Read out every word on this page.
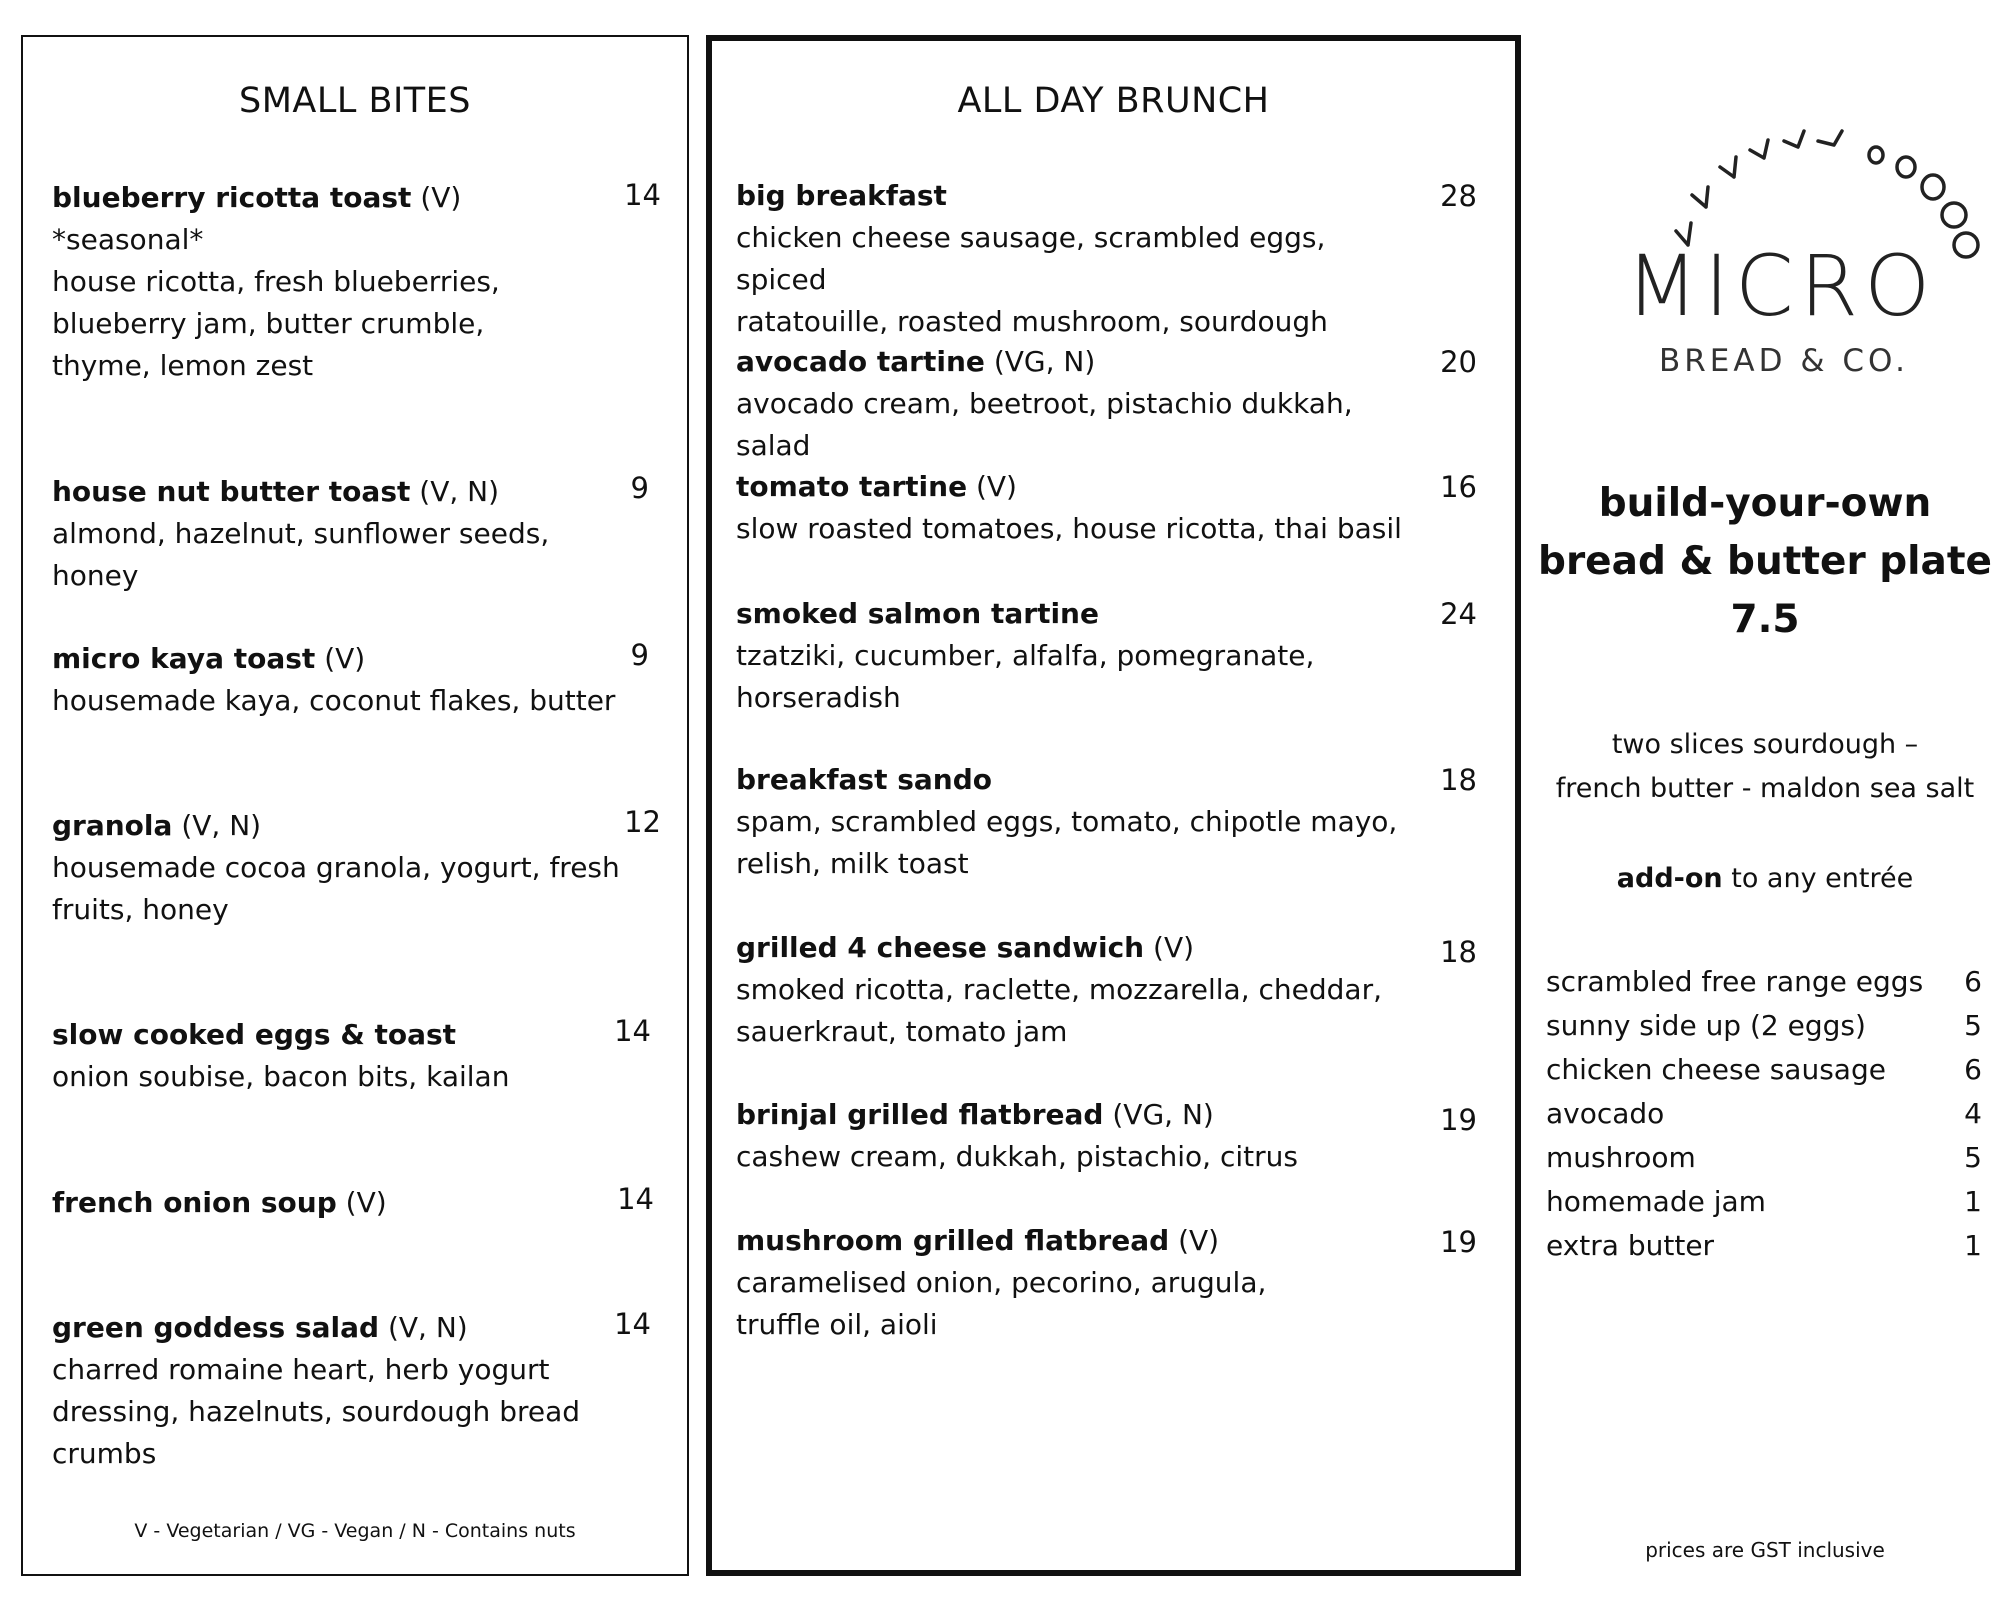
SMALL BITES
blueberry ricotta toast (V)
*seasonal*
house ricotta, fresh blueberries,
blueberry jam, butter crumble,
thyme, lemon zest
14
house nut butter toast (V, N)
almond, hazelnut, sunflower seeds, honey
9
micro kaya toast (V)
housemade kaya, coconut flakes, butter
9
granola (V, N)
housemade cocoa granola, yogurt, fresh
fruits, honey
12
slow cooked eggs & toast
onion soubise, bacon bits, kailan
14
french onion soup (V)	14
green goddess salad (V, N)
charred romaine heart, herb yogurt
dressing, hazelnuts, sourdough bread
crumbs
14
V - Vegetarian / VG - Vegan / N - Contains nuts
ALL DAY BRUNCH
big breakfast
chicken cheese sausage, scrambled eggs, spiced
ratatouille, roasted mushroom, sourdough
28
avocado tartine (VG, N)
avocado cream, beetroot, pistachio dukkah, salad
20
tomato tartine (V)
slow roasted tomatoes, house ricotta, thai basil
16
smoked salmon tartine
tzatziki, cucumber, alfalfa, pomegranate,
horseradish
24
breakfast sando
spam, scrambled eggs, tomato, chipotle mayo,
relish, milk toast
18
grilled 4 cheese sandwich (V)
smoked ricotta, raclette, mozzarella, cheddar,
sauerkraut, tomato jam
18
brinjal grilled flatbread (VG, N)
cashew cream, dukkah, pistachio, citrus
19
mushroom grilled flatbread (V)
caramelised onion, pecorino, arugula,
truffle oil, aioli
19
MICRO
BREAD & CO.
build-your-own
bread & butter plate
7.5
two slices sourdough –
french butter - maldon sea salt
add-on to any entrée
scrambled free range eggs 6
sunny side up (2 eggs)	5
chicken cheese sausage	6
avocado	4
mushroom	5
homemade jam	1
extra butter	1
prices are GST inclusive
